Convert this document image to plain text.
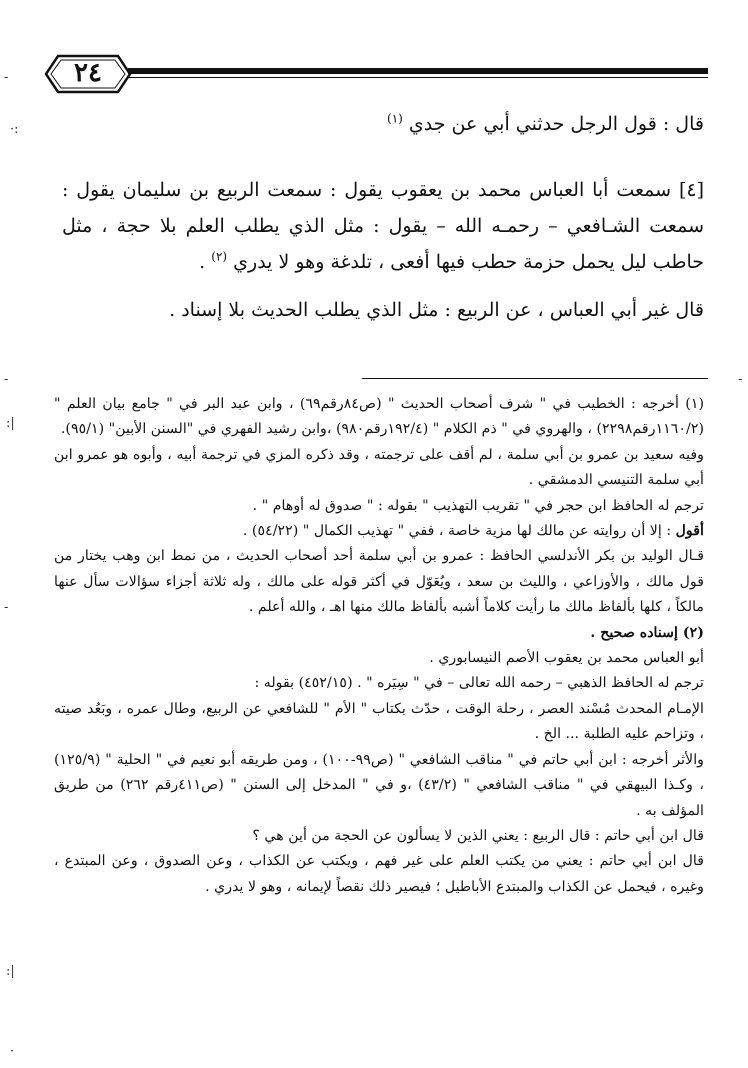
٢٤
قال : قول الرجل حدثني أبي عن جدي $^{(١)}$
[٤] سمعت أبا العباس محمد بن يعقوب يقول : سمعت الربيع بن سليمان يقول : سمعت الشـافعي – رحمـه الله – يقول : مثل الذي يطلب العلم بلا حجة ، مثل حاطب ليل يحمل حزمة حطب فيها أفعى ، تلدغة وهو لا يدري $^{(٢)}$ .
قال غير أبي العباس ، عن الربيع : مثل الذي يطلب الحديث بلا إسناد .

(١) أخرجه : الخطيب في " شرف أصحاب الحديث " (ص٨٤رقم٦٩) ، وابن عبد البر في " جامع بيان العلم " (١١٦٠/٢رقم٢٢٩٨) ، والهروي في " ذم الكلام " (١٩٢/٤رقم٩٨٠) ،وابن رشيد الفهري في "السنن الأبين" (٩٥/١).

وفيه سعيد بن عمرو بن أبي سلمة ، لم أقف على ترجمته ، وقد ذكره المزي في ترجمة أبيه ، وأبوه هو عمرو ابن أبي سلمة التنيسي الدمشقي .

ترجم له الحافظ ابن حجر في " تقريب التهذيب " بقوله : " صدوق له أوهام " .

أقول : إلا أن روايته عن مالك لها مزية خاصة ، ففي " تهذيب الكمال " (٥٤/٢٢) .

قـال الوليد بن بكر الأندلسي الحافظ : عمرو بن أبي سلمة أحد أصحاب الحديث ، من نمط ابن وهب يختار من قول مالك ، والأوزاعي ، والليث بن سعد ، ويُعَوّل في أكثر قوله على مالك ، وله ثلاثة أجزاء سؤالات سأل عنها مالكاً ، كلها بألفاظ مالك ما رأيت كلاماً أشبه بألفاظ مالك منها اهـ ، والله أعلم .

(٢) إسناده صحيح .

أبو العباس محمد بن يعقوب الأصم النيسابوري .

ترجم له الحافظ الذهبي – رحمه الله تعالى – في " سِيَره " . (٤٥٢/١٥) بقوله :

الإمـام المحدث مُسْند العصر ، رحلة الوقت ، حدّث بكتاب " الأم " للشافعي عن الربيع، وطال عمره ، وبَعُد صيته ، وتزاحم عليه الطلبة ... الخ .

والأثر أخرجه : ابن أبي حاتم في " مناقب الشافعي " (ص٩٩-١٠٠) ، ومن طريقه أبو نعيم في " الحلية " (١٢٥/٩) ، وكـذا البيهقي في " مناقب الشافعي " (٤٣/٢) ،و في " المدخل إلى السنن " (ص٤١١رقم ٢٦٢) من طريق المؤلف به .

قال ابن أبي حاتم : قال الربيع : يعني الذين لا يسألون عن الحجة من أين هي ؟

قال ابن أبي حاتم : يعني من يكتب العلم على غير فهم ، ويكتب عن الكذاب ، وعن الصدوق ، وعن المبتدع ، وغيره ، فيحمل عن الكذاب والمبتدع الأباطيل ؛ فيصير ذلك نقصاً لإيمانه ، وهو لا يدري .

-
·:
-	-
:|
-
:|
·
